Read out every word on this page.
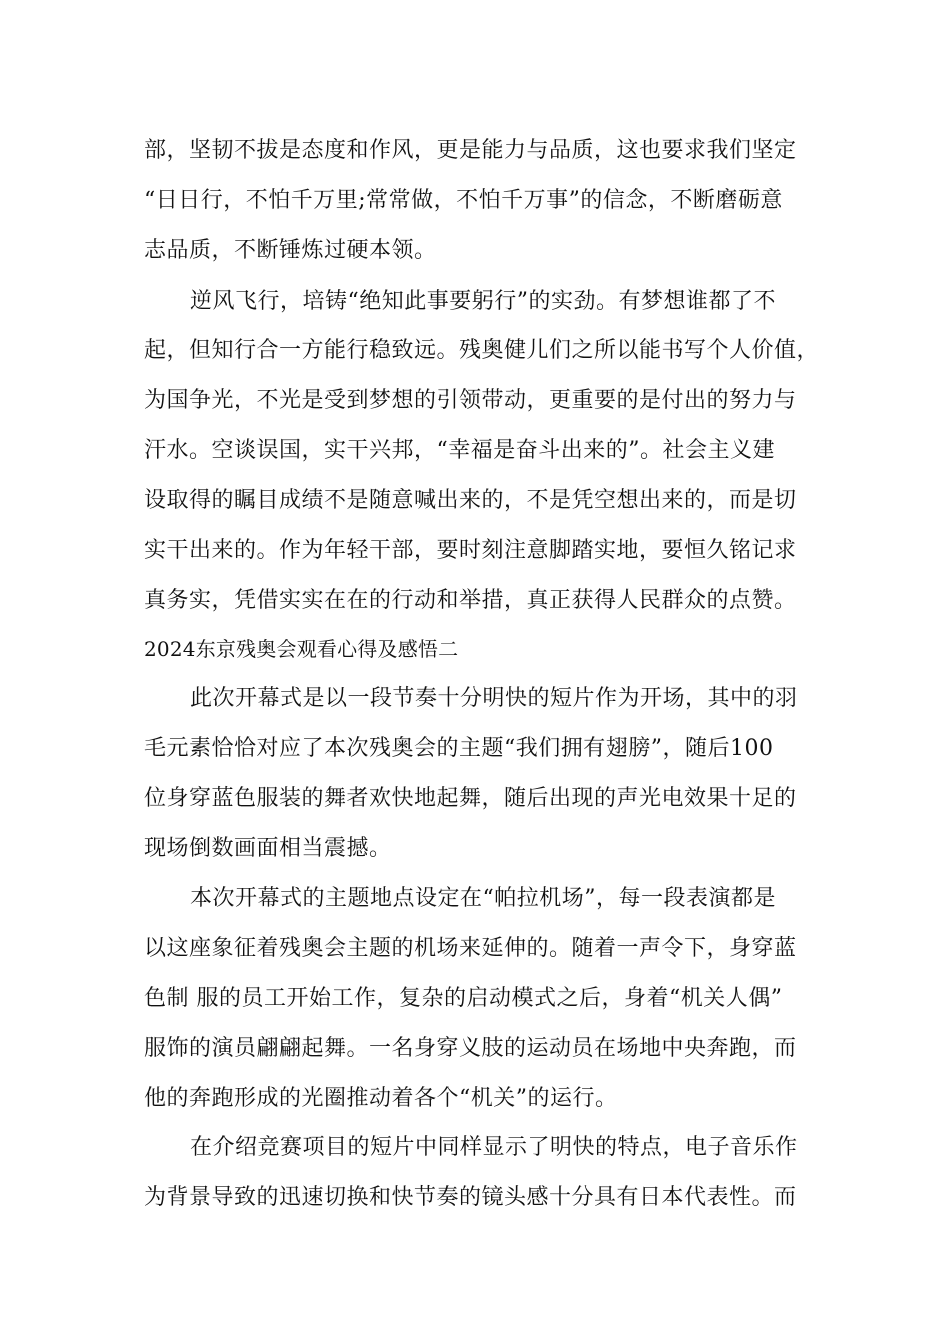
部，坚韧不拔是态度和作风，更是能力与品质，这也要求我们坚定
“日日行，不怕千万里;常常做，不怕千万事”的信念，不断磨砺意
志品质，不断锤炼过硬本领。
逆风飞行，培铸“绝知此事要躬行”的实劲。有梦想谁都了不
起，但知行合一方能行稳致远。残奥健儿们之所以能书写个人价值，
为国争光，不光是受到梦想的引领带动，更重要的是付出的努力与
汗水。空谈误国，实干兴邦，“幸福是奋斗出来的”。社会主义建
设取得的瞩目成绩不是随意喊出来的，不是凭空想出来的，而是切
实干出来的。作为年轻干部，要时刻注意脚踏实地，要恒久铭记求
真务实，凭借实实在在的行动和举措，真正获得人民群众的点赞。
2024东京残奥会观看心得及感悟二
此次开幕式是以一段节奏十分明快的短片作为开场，其中的羽
毛元素恰恰对应了本次残奥会的主题“我们拥有翅膀”，随后100
位身穿蓝色服装的舞者欢快地起舞，随后出现的声光电效果十足的
现场倒数画面相当震撼。
本次开幕式的主题地点设定在“帕拉机场”，每一段表演都是
以这座象征着残奥会主题的机场来延伸的。随着一声令下，身穿蓝
色制 服的员工开始工作，复杂的启动模式之后，身着“机关人偶”
服饰的演员翩翩起舞。一名身穿义肢的运动员在场地中央奔跑，而
他的奔跑形成的光圈推动着各个“机关”的运行。
在介绍竞赛项目的短片中同样显示了明快的特点，电子音乐作
为背景导致的迅速切换和快节奏的镜头感十分具有日本代表性。而
